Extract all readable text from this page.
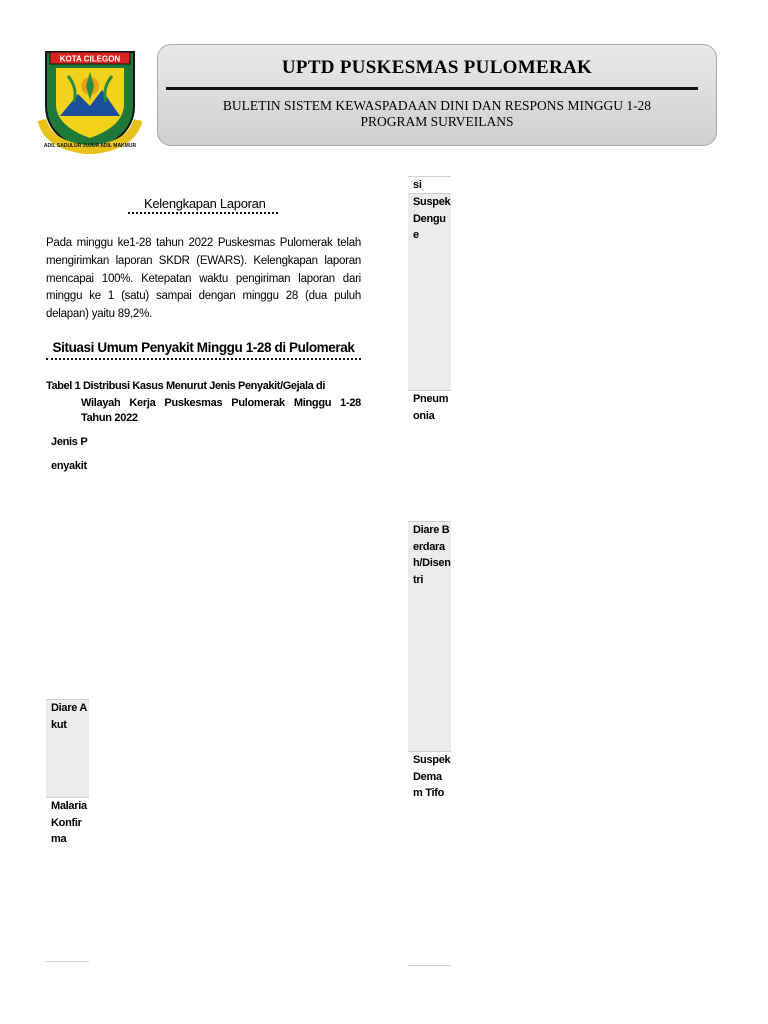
KOTA CILEGON
ADIL SADULUR JUJUR ADIL MAKMUR
UPTD PUSKESMAS PULOMERAK
BULETIN SISTEM KEWASPADAAN DINI DAN RESPONS MINGGU 1-28
PROGRAM SURVEILANS
Kelengkapan Laporan
Pada minggu ke1-28 tahun 2022 Puskesmas Pulomerak telah mengirimkan laporan SKDR (EWARS). Kelengkapan laporan mencapai 100%. Ketepatan waktu pengiriman laporan dari minggu ke 1 (satu) sampai dengan minggu 28 (dua puluh delapan) yaitu 89,2%.
Situasi Umum Penyakit Minggu 1-28 di Pulomerak
Tabel 1 Distribusi Kasus Menurut Jenis Penyakit/Gejala di
Wilayah Kerja Puskesmas Pulomerak Minggu 1-28 Tahun 2022
Jenis Penyakit
Diare Akut
Malaria Konfirma
si
Suspek Dengue
Pneumonia
Diare Berdarah/Disentri
Suspek Demam Tifo
